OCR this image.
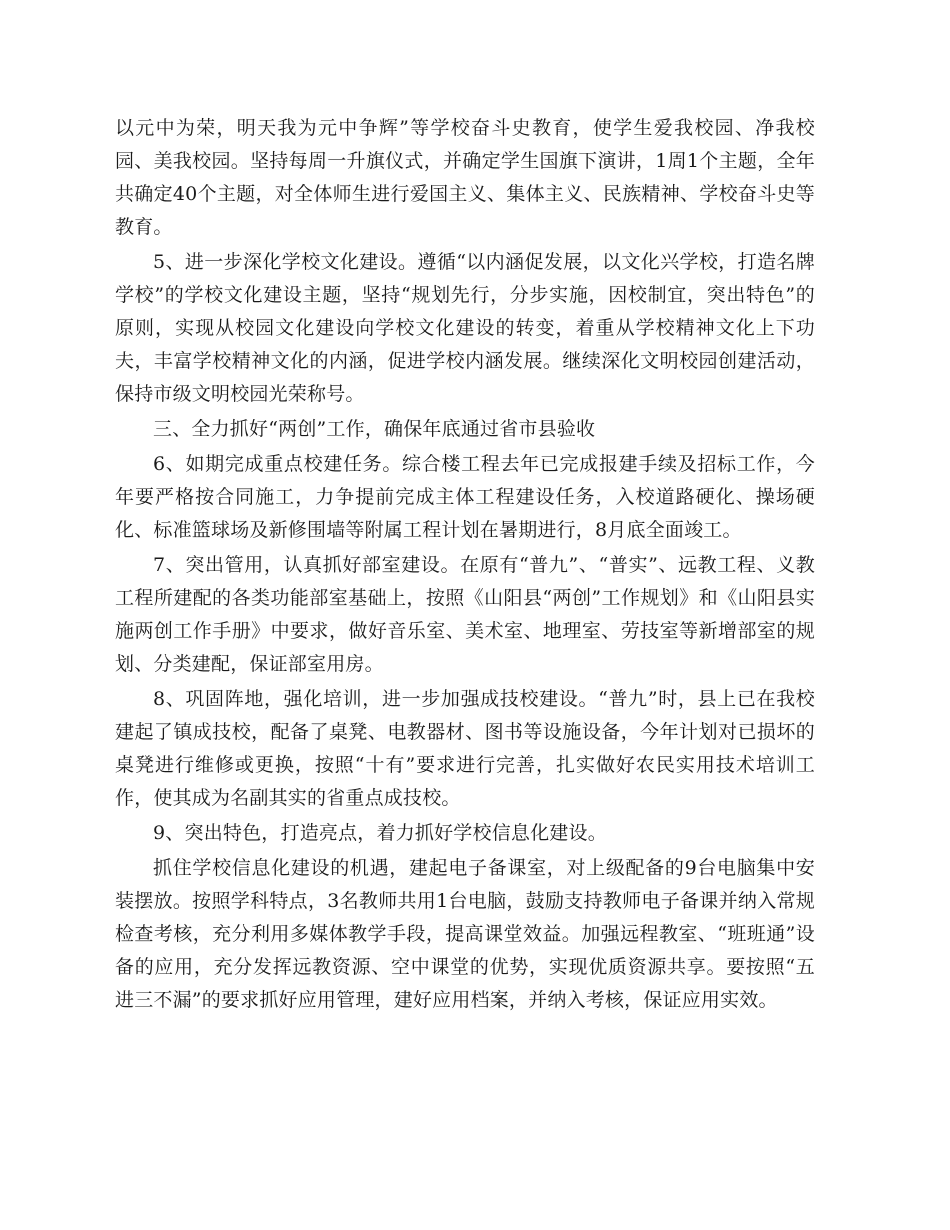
以元中为荣，明天我为元中争辉”等学校奋斗史教育，使学生爱我校园、净我校园、美我校园。坚持每周一升旗仪式，并确定学生国旗下演讲，1周1个主题，全年共确定40个主题，对全体师生进行爱国主义、集体主义、民族精神、学校奋斗史等教育。

5、进一步深化学校文化建设。遵循“以内涵促发展，以文化兴学校，打造名牌学校”的学校文化建设主题，坚持“规划先行，分步实施，因校制宜，突出特色”的原则，实现从校园文化建设向学校文化建设的转变，着重从学校精神文化上下功夫，丰富学校精神文化的内涵，促进学校内涵发展。继续深化文明校园创建活动，保持市级文明校园光荣称号。

三、全力抓好“两创”工作，确保年底通过省市县验收

6、如期完成重点校建任务。综合楼工程去年已完成报建手续及招标工作，今年要严格按合同施工，力争提前完成主体工程建设任务，入校道路硬化、操场硬化、标准篮球场及新修围墙等附属工程计划在暑期进行，8月底全面竣工。

7、突出管用，认真抓好部室建设。在原有“普九”、“普实”、远教工程、义教工程所建配的各类功能部室基础上，按照《山阳县“两创”工作规划》和《山阳县实施两创工作手册》中要求，做好音乐室、美术室、地理室、劳技室等新增部室的规划、分类建配，保证部室用房。

8、巩固阵地，强化培训，进一步加强成技校建设。“普九”时，县上已在我校建起了镇成技校，配备了桌凳、电教器材、图书等设施设备，今年计划对已损坏的桌凳进行维修或更换，按照“十有”要求进行完善，扎实做好农民实用技术培训工作，使其成为名副其实的省重点成技校。

9、突出特色，打造亮点，着力抓好学校信息化建设。

抓住学校信息化建设的机遇，建起电子备课室，对上级配备的9台电脑集中安装摆放。按照学科特点，3名教师共用1台电脑，鼓励支持教师电子备课并纳入常规检查考核，充分利用多媒体教学手段，提高课堂效益。加强远程教室、“班班通”设备的应用，充分发挥远教资源、空中课堂的优势，实现优质资源共享。要按照“五进三不漏”的要求抓好应用管理，建好应用档案，并纳入考核，保证应用实效。
